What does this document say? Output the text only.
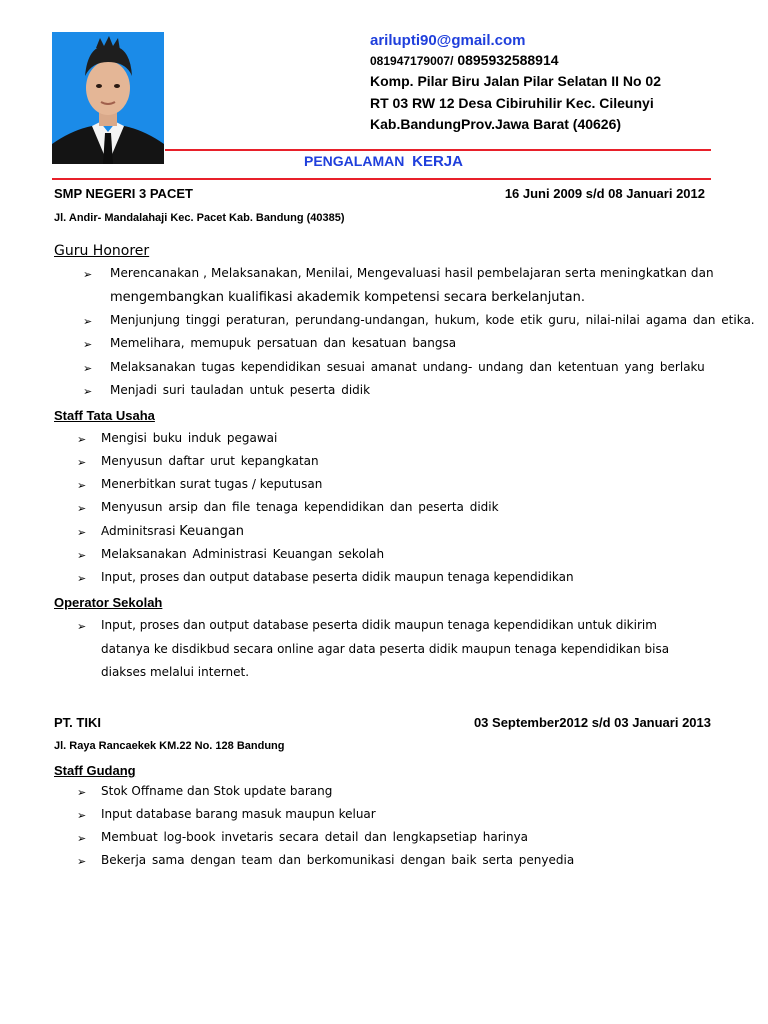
arilupti90@gmail.com
081947179007/ 0895932588914
Komp. Pilar Biru Jalan Pilar Selatan II No 02
RT 03 RW 12 Desa Cibiruhilir Kec. Cileunyi
Kab.BandungProv.Jawa Barat (40626)
PENGALAMAN KERJA
SMP NEGERI 3 PACET	16 Juni 2009 s/d 08 Januari 2012
Jl. Andir- Mandalahaji Kec. Pacet Kab. Bandung (40385)
Guru Honorer
➢ Merencanakan , Melaksanakan, Menilai, Mengevaluasi hasil pembelajaran serta meningkatkan dan
mengembangkan kualifikasi akademik kompetensi secara berkelanjutan.
➢ Menjunjung tinggi peraturan, perundang-undangan, hukum, kode etik guru, nilai-nilai agama dan etika.
➢ Memelihara, memupuk persatuan dan kesatuan bangsa
➢ Melaksanakan tugas kependidikan sesuai amanat undang- undang dan ketentuan yang berlaku
➢ Menjadi suri tauladan untuk peserta didik
Staff Tata Usaha
➢ Mengisi buku induk pegawai
➢ Menyusun daftar urut kepangkatan
➢ Menerbitkan surat tugas / keputusan
➢ Menyusun arsip dan file tenaga kependidikan dan peserta didik
➢ Adminitsrasi Keuangan
➢ Melaksanakan Administrasi Keuangan sekolah
➢ Input, proses dan output database peserta didik maupun tenaga kependidikan
Operator Sekolah
➢ Input, proses dan output database peserta didik maupun tenaga kependidikan untuk dikirim
datanya ke disdikbud secara online agar data peserta didik maupun tenaga kependidikan bisa
diakses melalui internet.
PT. TIKI	03 September2012 s/d 03 Januari 2013
Jl. Raya Rancaekek KM.22 No. 128 Bandung
Staff Gudang
➢ Stok Offname dan Stok update barang
➢ Input database barang masuk maupun keluar
➢ Membuat log-book invetaris secara detail dan lengkapsetiap harinya
➢ Bekerja sama dengan team dan berkomunikasi dengan baik serta penyedia
